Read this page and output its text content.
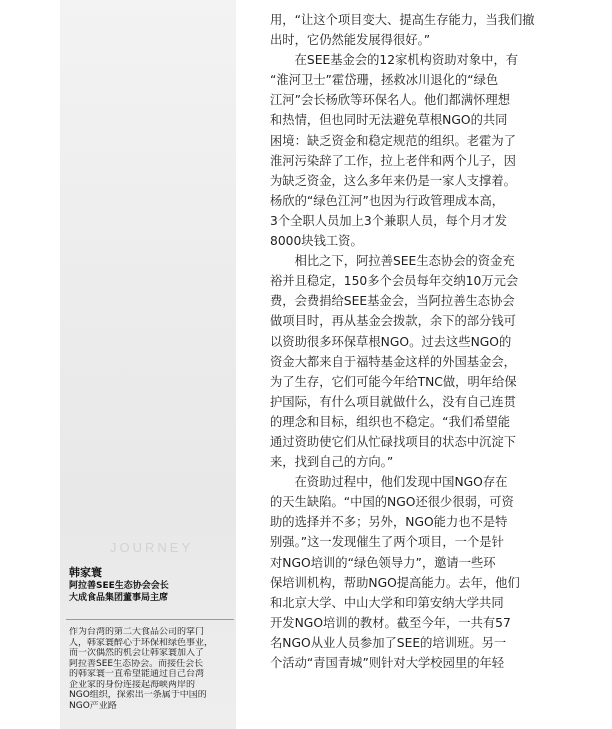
JOURNEY
韩家寰
阿拉善SEE生态协会会长
大成食品集团董事局主席
作为台湾的第二大食品公司的掌门
人，韩家寰醉心于环保和绿色事业，
而一次偶然的机会让韩家寰加入了
阿拉善SEE生态协会。而接任会长
的韩家寰一直希望能通过自己台湾
企业家的身份连接起海峡两岸的
NGO组织，探索出一条属于中国的
NGO产业路
用，“让这个项目变大、提高生存能力，当我们撤
出时，它仍然能发展得很好。”
在SEE基金会的12家机构资助对象中，有
“淮河卫士”霍岱珊，拯救冰川退化的“绿色
江河”会长杨欣等环保名人。他们都满怀理想
和热情，但也同时无法避免草根NGO的共同
困境：缺乏资金和稳定规范的组织。老霍为了
淮河污染辞了工作，拉上老伴和两个儿子，因
为缺乏资金，这么多年来仍是一家人支撑着。
杨欣的“绿色江河”也因为行政管理成本高，
3个全职人员加上3个兼职人员，每个月才发
8000块钱工资。
相比之下，阿拉善SEE生态协会的资金充
裕并且稳定，150多个会员每年交纳10万元会
费，会费捐给SEE基金会，当阿拉善生态协会
做项目时，再从基金会拨款，余下的部分钱可
以资助很多环保草根NGO。过去这些NGO的
资金大都来自于福特基金这样的外国基金会，
为了生存，它们可能今年给TNC做，明年给保
护国际，有什么项目就做什么，没有自己连贯
的理念和目标，组织也不稳定。“我们希望能
通过资助使它们从忙碌找项目的状态中沉淀下
来，找到自己的方向。”
在资助过程中，他们发现中国NGO存在
的天生缺陷。“中国的NGO还很少很弱，可资
助的选择并不多；另外，NGO能力也不是特
别强。”这一发现催生了两个项目，一个是针
对NGO培训的“绿色领导力”，邀请一些环
保培训机构，帮助NGO提高能力。去年，他们
和北京大学、中山大学和印第安纳大学共同
开发NGO培训的教材。截至今年，一共有57
名NGO从业人员参加了SEE的培训班。另一
个活动“青国青城”则针对大学校园里的年轻
